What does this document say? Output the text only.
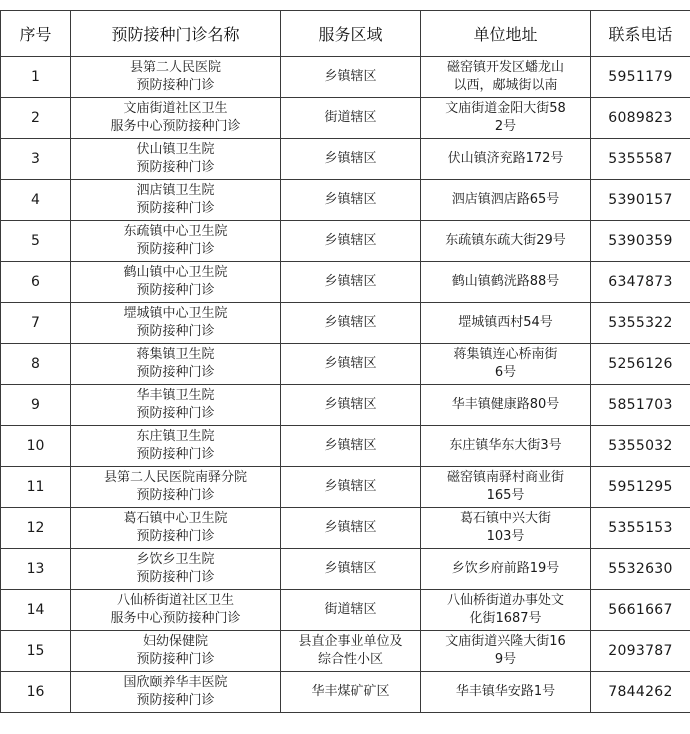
序号	预防接种门诊名称	服务区域	单位地址	联系电话
1	县第二人民医院
预防接种门诊	乡镇辖区	磁窑镇开发区蟠龙山
以西，郕城街以南	5951179
2	文庙街道社区卫生
服务中心预防接种门诊	街道辖区	文庙街道金阳大街58
2号	6089823
3	伏山镇卫生院
预防接种门诊	乡镇辖区	伏山镇济兖路172号	5355587
4	泗店镇卫生院
预防接种门诊	乡镇辖区	泗店镇泗店路65号	5390157
5	东疏镇中心卫生院
预防接种门诊	乡镇辖区	东疏镇东疏大街29号	5390359
6	鹤山镇中心卫生院
预防接种门诊	乡镇辖区	鹤山镇鹤洸路88号	6347873
7	堽城镇中心卫生院
预防接种门诊	乡镇辖区	堽城镇西村54号	5355322
8	蒋集镇卫生院
预防接种门诊	乡镇辖区	蒋集镇连心桥南街
6号	5256126
9	华丰镇卫生院
预防接种门诊	乡镇辖区	华丰镇健康路80号	5851703
10	东庄镇卫生院
预防接种门诊	乡镇辖区	东庄镇华东大街3号	5355032
11	县第二人民医院南驿分院
预防接种门诊	乡镇辖区	磁窑镇南驿村商业街
165号	5951295
12	葛石镇中心卫生院
预防接种门诊	乡镇辖区	葛石镇中兴大街
103号	5355153
13	乡饮乡卫生院
预防接种门诊	乡镇辖区	乡饮乡府前路19号	5532630
14	八仙桥街道社区卫生
服务中心预防接种门诊	街道辖区	八仙桥街道办事处文
化街1687号	5661667
15	妇幼保健院
预防接种门诊	县直企事业单位及
综合性小区	文庙街道兴隆大街16
9号	2093787
16	国欣颐养华丰医院
预防接种门诊	华丰煤矿矿区	华丰镇华安路1号	7844262
